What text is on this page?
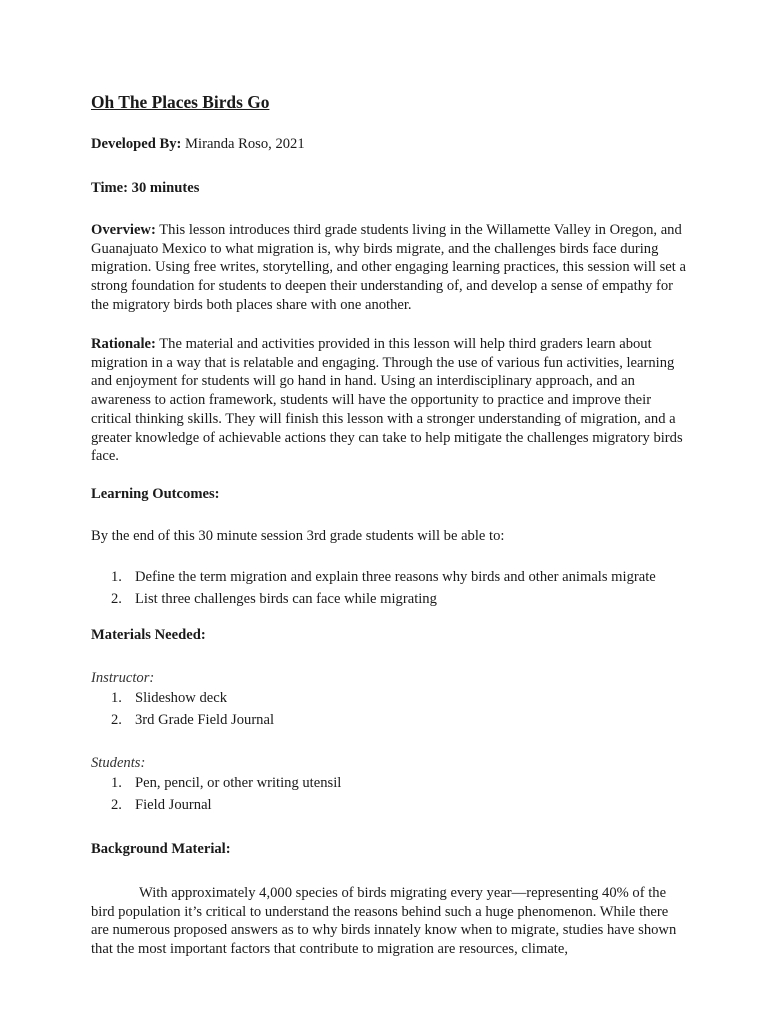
Oh The Places Birds Go

Developed By: Miranda Roso, 2021

Time: 30 minutes

Overview: This lesson introduces third grade students living in the Willamette Valley in Oregon, and Guanajuato Mexico to what migration is, why birds migrate, and the challenges birds face during migration. Using free writes, storytelling, and other engaging learning practices, this session will set a strong foundation for students to deepen their understanding of, and develop a sense of empathy for the migratory birds both places share with one another.

Rationale: The material and activities provided in this lesson will help third graders learn about migration in a way that is relatable and engaging. Through the use of various fun activities, learning and enjoyment for students will go hand in hand. Using an interdisciplinary approach, and an awareness to action framework, students will have the opportunity to practice and improve their critical thinking skills. They will finish this lesson with a stronger understanding of migration, and a greater knowledge of achievable actions they can take to help mitigate the challenges migratory birds face.

Learning Outcomes:

By the end of this 30 minute session 3rd grade students will be able to:

1. Define the term migration and explain three reasons why birds and other animals migrate
2. List three challenges birds can face while migrating

Materials Needed:

Instructor:

1. Slideshow deck
2. 3rd Grade Field Journal

Students:

1. Pen, pencil, or other writing utensil
2. Field Journal

Background Material:

With approximately 4,000 species of birds migrating every year—representing 40% of the bird population it’s critical to understand the reasons behind such a huge phenomenon. While there are numerous proposed answers as to why birds innately know when to migrate, studies have shown that the most important factors that contribute to migration are resources, climate,
